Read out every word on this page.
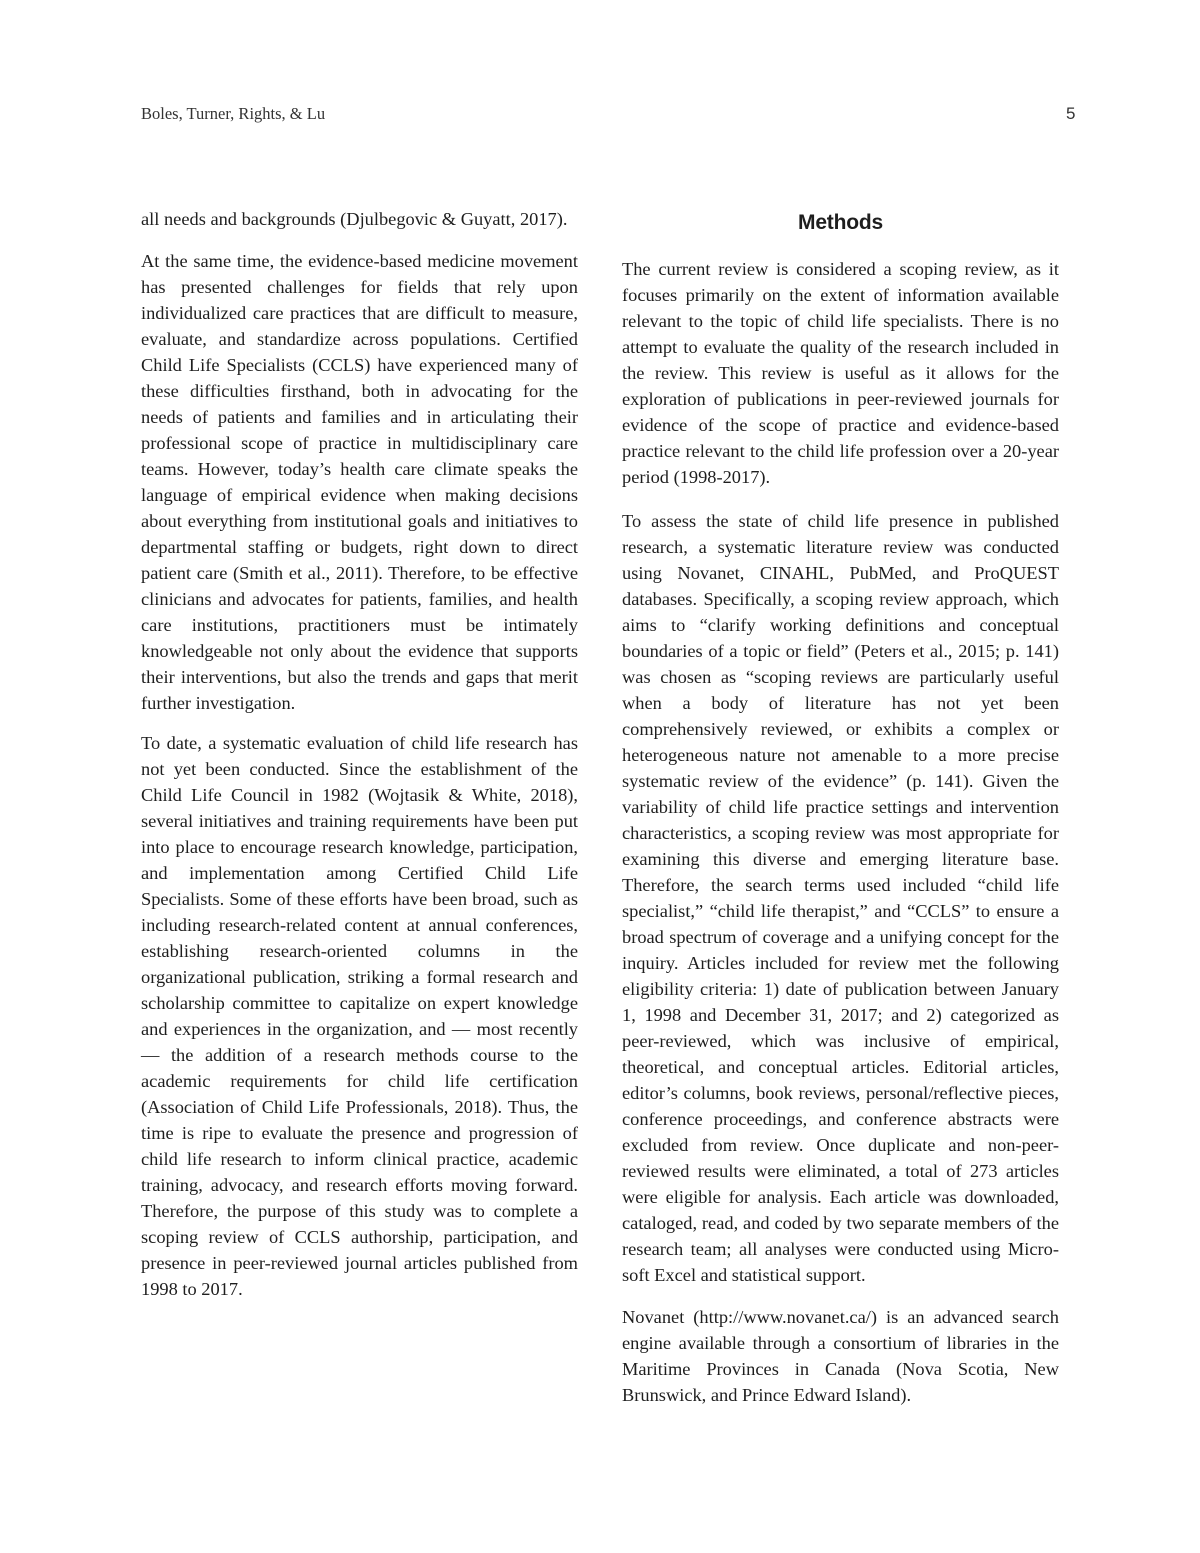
Boles, Turner, Rights, & Lu	5

all needs and backgrounds (Djulbegovic & Guyatt, 2017).

At the same time, the evidence-based medicine movement has presented challenges for fields that rely upon individualized care practices that are difficult to measure, evaluate, and standardize across populations. Certified Child Life Specialists (CCLS) have experienced many of these difficulties firsthand, both in advocating for the needs of patients and families and in articulating their professional scope of practice in multidisciplinary care teams. However, today’s health care climate speaks the language of empirical evidence when making decisions about everything from institutional goals and initiatives to departmental staffing or budgets, right down to direct patient care (Smith et al., 2011). Therefore, to be effective clinicians and advocates for patients, families, and health care institutions, practitioners must be intimately knowledgeable not only about the evidence that supports their interventions, but also the trends and gaps that merit further investigation.

To date, a systematic evaluation of child life research has not yet been conducted. Since the establishment of the Child Life Council in 1982 (Wojtasik & White, 2018), several initiatives and training requirements have been put into place to encourage research knowledge, participation, and implementation among Certified Child Life Specialists. Some of these efforts have been broad, such as including research-related content at annual conferences, establishing research-oriented columns in the organizational publication, striking a formal research and scholarship committee to capitalize on expert knowledge and experiences in the organization, and — most recently — the addition of a research methods course to the academic requirements for child life certification (Association of Child Life Professionals, 2018). Thus, the time is ripe to evaluate the presence and progression of child life research to inform clinical practice, academic training, advocacy, and research efforts moving forward. Therefore, the purpose of this study was to complete a scoping review of CCLS authorship, participation, and presence in peer-reviewed journal articles published from 1998 to 2017.

Methods

The current review is considered a scoping review, as it focuses primarily on the extent of information available relevant to the topic of child life specialists. There is no attempt to evaluate the quality of the research included in the review. This review is useful as it allows for the exploration of publications in peer-reviewed journals for evidence of the scope of practice and evidence-based practice relevant to the child life profession over a 20-year period (1998-2017).

To assess the state of child life presence in published research, a systematic literature review was conducted using Novanet, CINAHL, PubMed, and ProQUEST databases. Specifically, a scoping review approach, which aims to “clarify working definitions and conceptual boundaries of a topic or field” (Peters et al., 2015; p. 141) was chosen as “scoping reviews are particularly useful when a body of literature has not yet been comprehensively reviewed, or exhibits a complex or heterogeneous nature not amenable to a more precise systematic review of the evidence” (p. 141). Given the variability of child life practice settings and intervention characteristics, a scoping review was most appropriate for examining this diverse and emerging literature base. Therefore, the search terms used included “child life specialist,” “child life therapist,” and “CCLS” to ensure a broad spectrum of coverage and a unifying concept for the inquiry. Articles included for review met the following eligibility criteria: 1) date of publication between January 1, 1998 and December 31, 2017; and 2) categorized as peer-reviewed, which was inclusive of empirical, theoretical, and conceptual articles. Editorial articles, editor’s columns, book reviews, personal/reflective pieces, conference proceedings, and conference abstracts were excluded from review. Once duplicate and non-peer-reviewed results were eliminated, a total of 273 articles were eligible for analysis. Each article was downloaded, cataloged, read, and coded by two separate members of the research team; all analyses were conducted using Microsoft Excel and statistical support.

Novanet (http://www.novanet.ca/) is an advanced search engine available through a consortium of libraries in the Maritime Provinces in Canada (Nova Scotia, New Brunswick, and Prince Edward Island).
